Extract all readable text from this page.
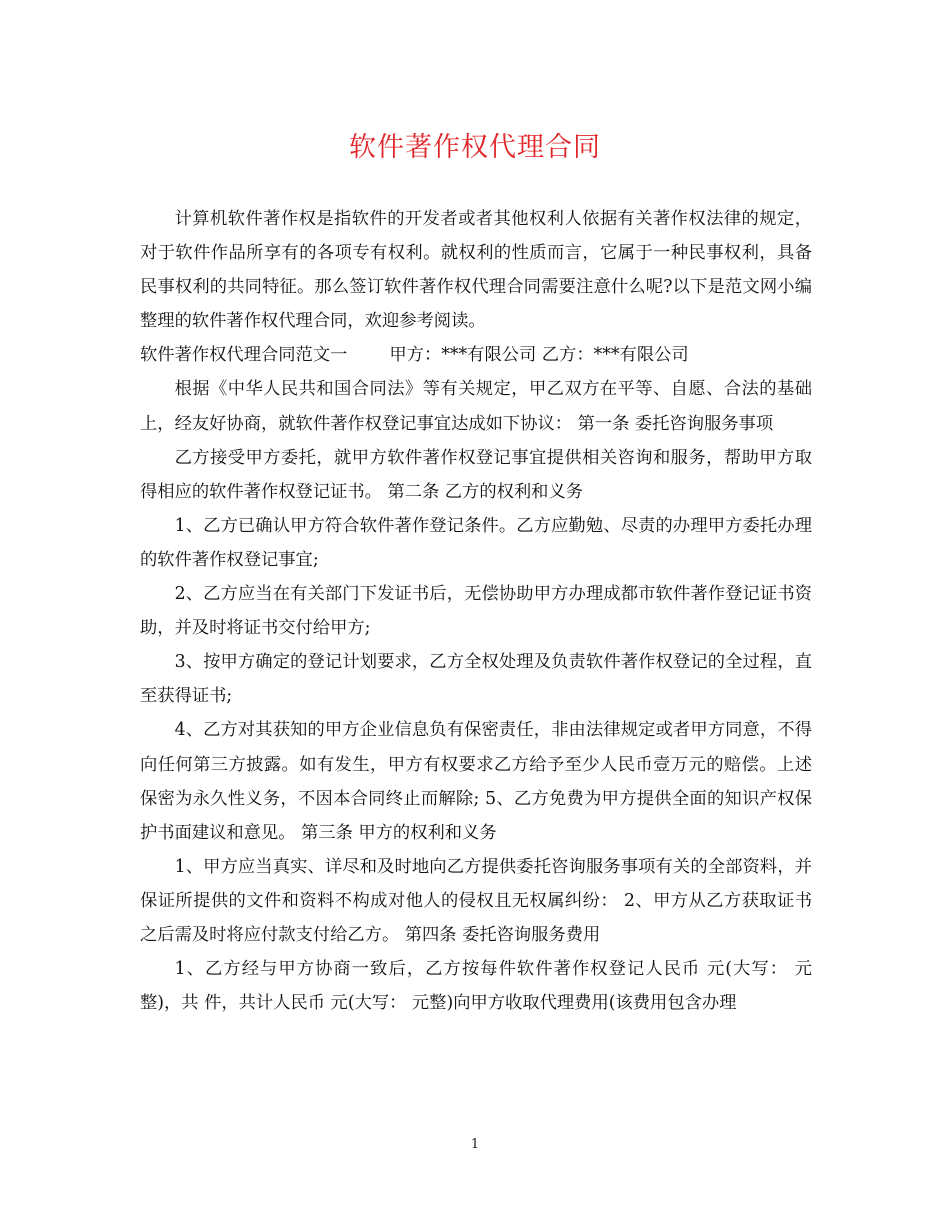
软件著作权代理合同

计算机软件著作权是指软件的开发者或者其他权利人依据有关著作权法律的规定，对于软件作品所享有的各项专有权利。就权利的性质而言，它属于一种民事权利，具备民事权利的共同特征。那么签订软件著作权代理合同需要注意什么呢?以下是范文网小编整理的软件著作权代理合同，欢迎参考阅读。

软件著作权代理合同范文一 甲方：***有限公司 乙方：***有限公司

根据《中华人民共和国合同法》等有关规定，甲乙双方在平等、自愿、合法的基础上，经友好协商，就软件著作权登记事宜达成如下协议： 第一条 委托咨询服务事项

乙方接受甲方委托，就甲方软件著作权登记事宜提供相关咨询和服务，帮助甲方取得相应的软件著作权登记证书。 第二条 乙方的权利和义务

1、乙方已确认甲方符合软件著作登记条件。乙方应勤勉、尽责的办理甲方委托办理的软件著作权登记事宜;

2、乙方应当在有关部门下发证书后，无偿协助甲方办理成都市软件著作登记证书资助，并及时将证书交付给甲方;

3、按甲方确定的登记计划要求，乙方全权处理及负责软件著作权登记的全过程，直至获得证书;

4、乙方对其获知的甲方企业信息负有保密责任，非由法律规定或者甲方同意，不得向任何第三方披露。如有发生，甲方有权要求乙方给予至少人民币壹万元的赔偿。上述保密为永久性义务，不因本合同终止而解除; 5、乙方免费为甲方提供全面的知识产权保护书面建议和意见。 第三条 甲方的权利和义务

1、甲方应当真实、详尽和及时地向乙方提供委托咨询服务事项有关的全部资料，并保证所提供的文件和资料不构成对他人的侵权且无权属纠纷： 2、甲方从乙方获取证书之后需及时将应付款支付给乙方。 第四条 委托咨询服务费用

1、乙方经与甲方协商一致后，乙方按每件软件著作权登记人民币 元(大写： 元整)，共 件，共计人民币 元(大写： 元整)向甲方收取代理费用(该费用包含办理

1
